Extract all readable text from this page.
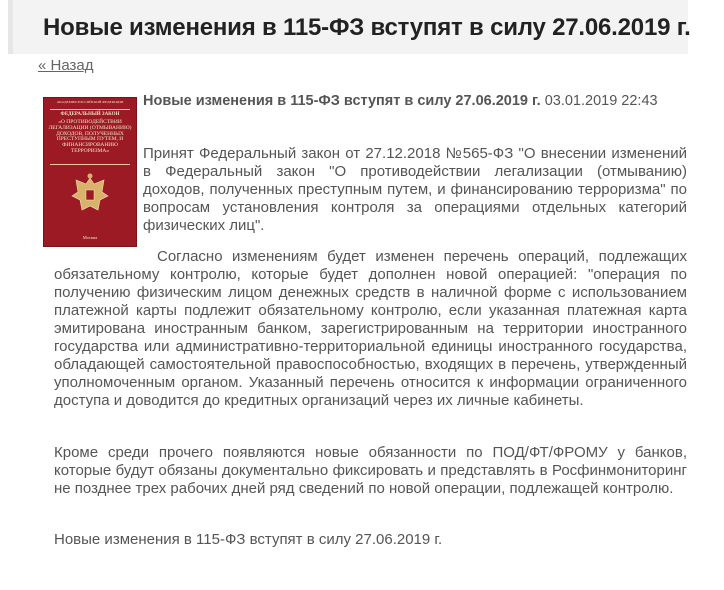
Новые изменения в 115-ФЗ вступят в силу 27.06.2019 г.
« Назад
АКАДЕМИЯ РОССИЙСКОЙ ФЕДЕРАЦИИ
ФЕДЕРАЛЬНЫЙ ЗАКОН
«О ПРОТИВОДЕЙСТВИИ ЛЕГАЛИЗАЦИИ (ОТМЫВАНИЮ) ДОХОДОВ, ПОЛУЧЕННЫХ ПРЕСТУПНЫМ ПУТЕМ, И ФИНАНСИРОВАНИЮ ТЕРРОРИЗМА»
Москва
Новые изменения в 115-ФЗ вступят в силу 27.06.2019 г. 03.01.2019 22:43

Принят Федеральный закон от 27.12.2018 №565-ФЗ "О внесении изменений в Федеральный закон "О противодействии легализации (отмыванию) доходов, полученных преступным путем, и финансированию терроризма" по вопросам установления контроля за операциями отдельных категорий физических лиц".

Согласно изменениям будет изменен перечень операций, подлежащих обязательному контролю, которые будет дополнен новой операцией: "операция по получению физическим лицом денежных средств в наличной форме с использованием платежной карты подлежит обязательному контролю, если указанная платежная карта эмитирована иностранным банком, зарегистрированным на территории иностранного государства или административно-территориальной единицы иностранного государства, обладающей самостоятельной правоспособностью, входящих в перечень, утвержденный уполномоченным органом. Указанный перечень относится к информации ограниченного доступа и доводится до кредитных организаций через их личные кабинеты.

Кроме среди прочего появляются новые обязанности по ПОД/ФТ/ФРОМУ у банков, которые будут обязаны документально фиксировать и представлять в Росфинмониторинг не позднее трех рабочих дней ряд сведений по новой операции, подлежащей контролю.

Новые изменения в 115-ФЗ вступят в силу 27.06.2019 г.
